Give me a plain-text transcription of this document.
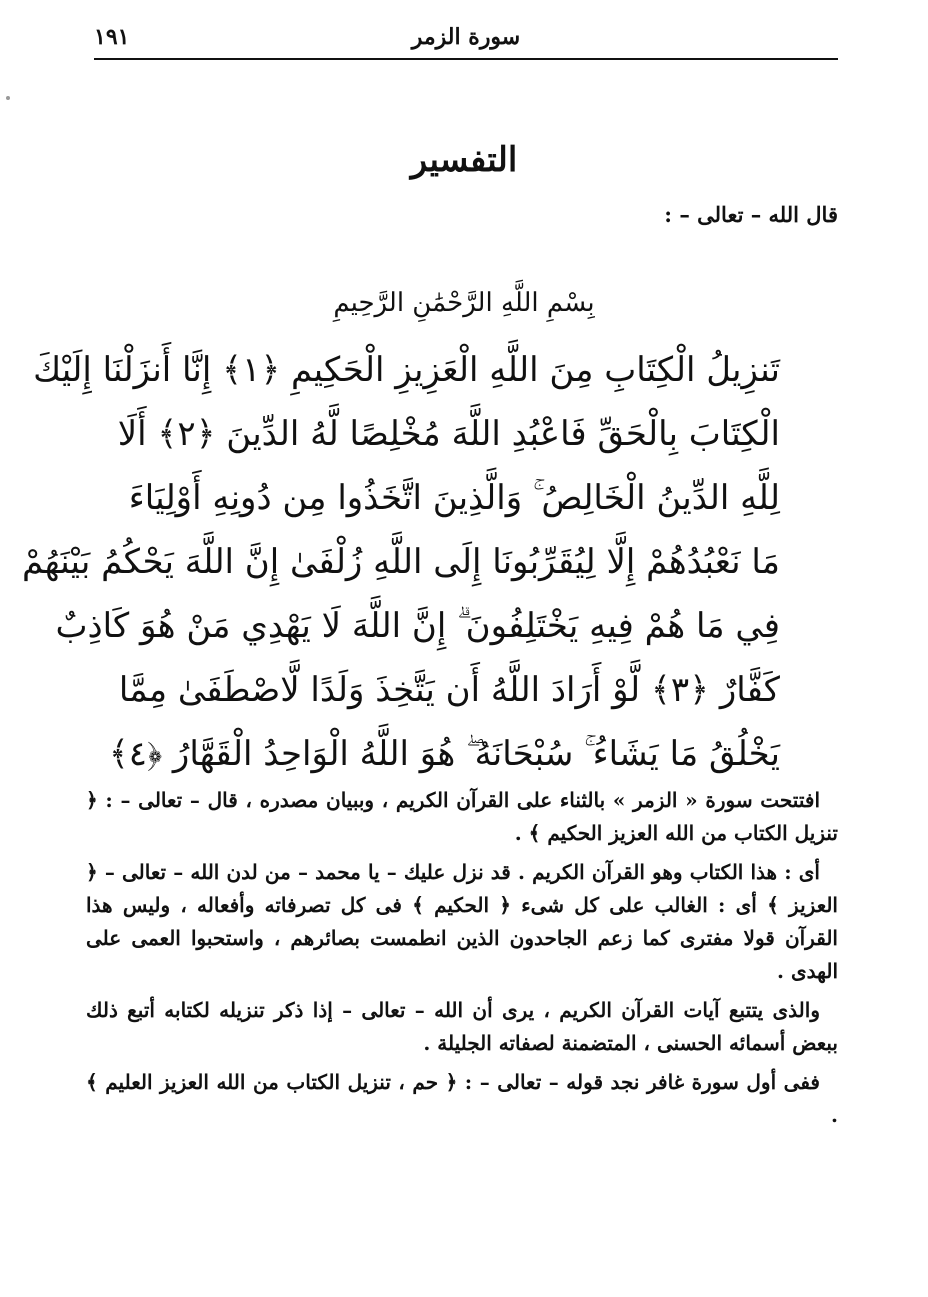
سورة الزمر
١٩١
التفسير
قال الله – تعالى – :
بِسْمِ اللَّهِ الرَّحْمَٰنِ الرَّحِيمِ
تَنزِيلُ الْكِتَابِ مِنَ اللَّهِ الْعَزِيزِ الْحَكِيمِ ﴿١﴾ إِنَّا أَنزَلْنَا إِلَيْكَ
الْكِتَابَ بِالْحَقِّ فَاعْبُدِ اللَّهَ مُخْلِصًا لَّهُ الدِّينَ ﴿٢﴾ أَلَا
لِلَّهِ الدِّينُ الْخَالِصُ ۚ وَالَّذِينَ اتَّخَذُوا مِن دُونِهِ أَوْلِيَاءَ
مَا نَعْبُدُهُمْ إِلَّا لِيُقَرِّبُونَا إِلَى اللَّهِ زُلْفَىٰ إِنَّ اللَّهَ يَحْكُمُ بَيْنَهُمْ
فِي مَا هُمْ فِيهِ يَخْتَلِفُونَ ۗ إِنَّ اللَّهَ لَا يَهْدِي مَنْ هُوَ كَاذِبٌ
كَفَّارٌ ﴿٣﴾ لَّوْ أَرَادَ اللَّهُ أَن يَتَّخِذَ وَلَدًا لَّاصْطَفَىٰ مِمَّا
يَخْلُقُ مَا يَشَاءُ ۚ سُبْحَانَهُ ۖ هُوَ اللَّهُ الْوَاحِدُ الْقَهَّارُ ﴿٤﴾

افتتحت سورة « الزمر » بالثناء على القرآن الكريم ، وببيان مصدره ، قال – تعالى – : ﴿ تنزيل الكتاب من الله العزيز الحكيم ﴾ .

أى : هذا الكتاب وهو القرآن الكريم . قد نزل عليك – يا محمد – من لدن الله – تعالى – ﴿ العزيز ﴾ أى : الغالب على كل شىء ﴿ الحكيم ﴾ فى كل تصرفاته وأفعاله ، وليس هذا القرآن قولا مفترى كما زعم الجاحدون الذين انطمست بصائرهم ، واستحبوا العمى على الهدى .

والذى يتتبع آيات القرآن الكريم ، يرى أن الله – تعالى – إذا ذكر تنزيله لكتابه أتبع ذلك ببعض أسمائه الحسنى ، المتضمنة لصفاته الجليلة .

ففى أول سورة غافر نجد قوله – تعالى – : ﴿ حم ، تنزيل الكتاب من الله العزيز العليم ﴾ .
